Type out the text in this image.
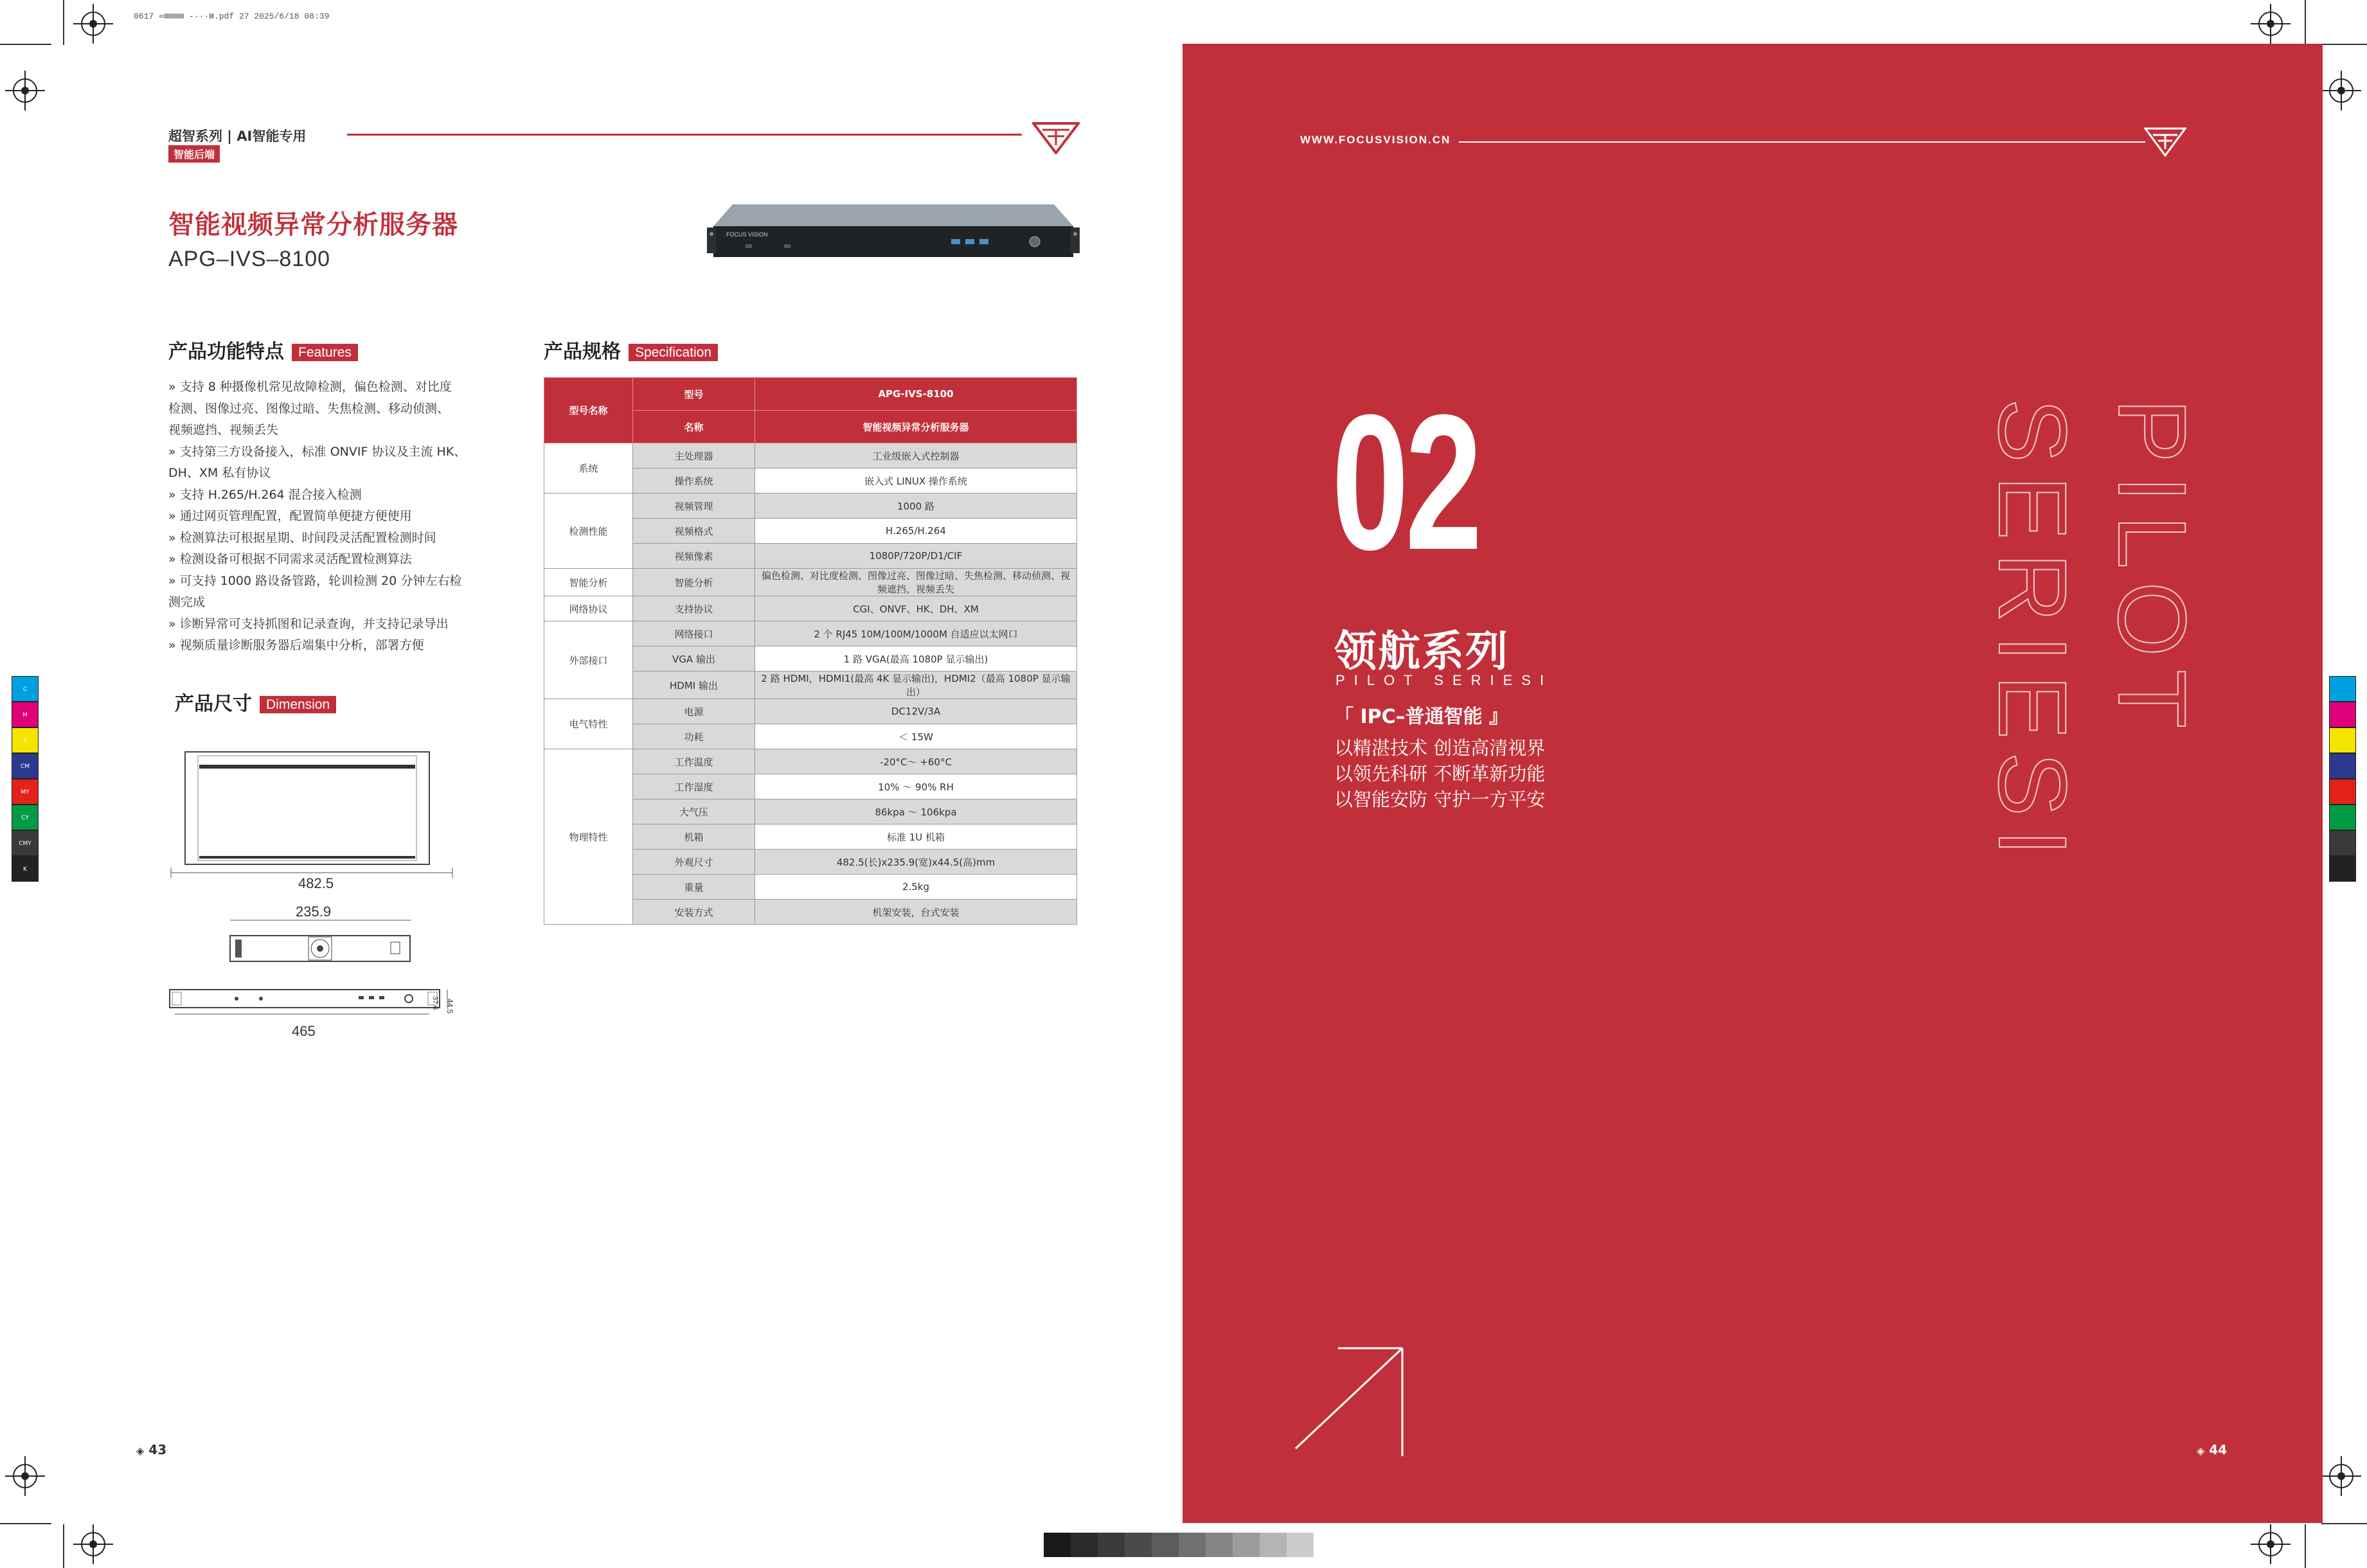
0617 «⊠⊠⊠⊠ -···⊠.pdf 27 2025/6/18 08:39
C
M
Y
CM
MY
CY
CMY
K
超智系列 | AI智能专用
智能后端
智能视频异常分析服务器
APG–IVS–8100
FOCUS VISION
产品功能特点 Features
» 支持 8 种摄像机常见故障检测，偏色检测、对比度
检测、图像过亮、图像过暗、失焦检测、移动侦测、
视频遮挡、视频丢失
» 支持第三方设备接入，标准 ONVIF 协议及主流 HK、
DH、XM 私有协议
» 支持 H.265/H.264 混合接入检测
» 通过网页管理配置，配置简单便捷方便使用
» 检测算法可根据星期、时间段灵活配置检测时间
» 检测设备可根据不同需求灵活配置检测算法
» 可支持 1000 路设备管路，轮训检测 20 分钟左右检
测完成
» 诊断异常可支持抓图和记录查询，并支持记录导出
» 视频质量诊断服务器后端集中分析，部署方便
产品尺寸 Dimension
482.5
235.9
44.5
37.6
465
产品规格 Specification
型号名称	型号	APG-IVS-8100
	名称	智能视频异常分析服务器
系统	主处理器	工业级嵌入式控制器
	操作系统	嵌入式 LINUX 操作系统
检测性能	视频管理	1000 路
	视频格式	H.265/H.264
	视频像素	1080P/720P/D1/CIF
智能分析	智能分析	偏色检测、对比度检测、图像过亮、图像过暗、失焦检测、移动侦测、视频遮挡、视频丢失
网络协议	支持协议	CGI、ONVF、HK、DH、XM
外部接口	网络接口	2 个 RJ45 10M/100M/1000M 自适应以太网口
	VGA 输出	1 路 VGA(最高 1080P 显示输出)
	HDMI 输出	2 路 HDMI，HDMI1(最高 4K 显示输出)，HDMI2（最高 1080P 显示输出）
电气特性	电源	DC12V/3A
	功耗	＜ 15W
物理特性	工作温度	-20°C～ +60°C
	工作湿度	10% ～ 90% RH
	大气压	86kpa ～ 106kpa
	机箱	标准 1U 机箱
	外观尺寸	482.5(长)x235.9(宽)x44.5(高)mm
	重量	2.5kg
	安装方式	机架安装，台式安装
◈ 43
WWW.FOCUSVISION.CN
PILOT
SERIESI
02
领航系列
PILOT SERIESI
「 IPC–普通智能 』
以精湛技术 创造高清视界
以领先科研 不断革新功能
以智能安防 守护一方平安
◈ 44
